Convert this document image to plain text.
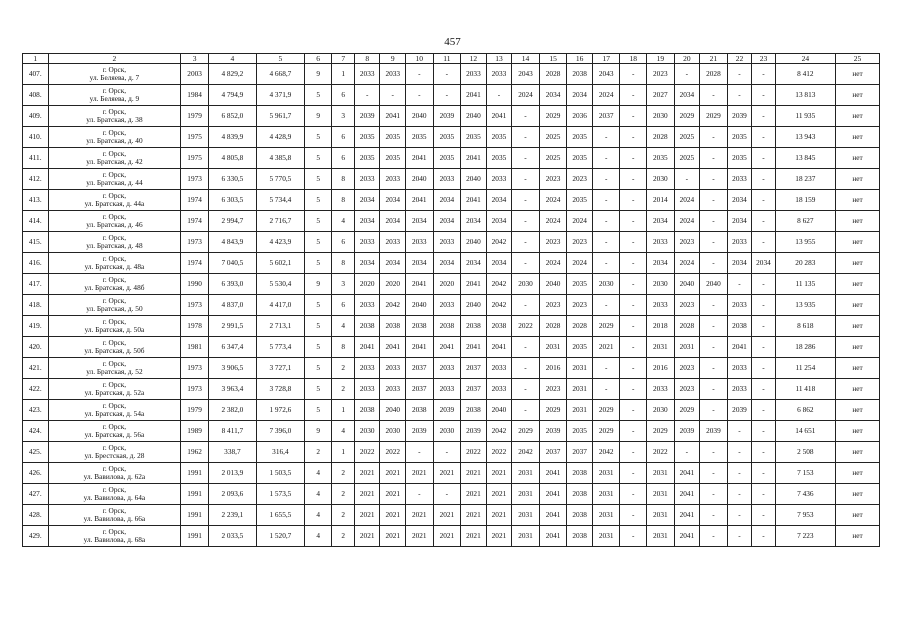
457
1	2	3	4	5	6	7	8	9	10	11	12	13	14	15	16	17	18	19	20	21	22	23	24	25
407.	г. Орск,
ул. Беляева, д. 7	2003	4 829,2	4 668,7	9	1	2033	2033	-	-	2033	2033	2043	2028	2038	2043	-	2023	-	2028	-	-	8 412	нет
408.	г. Орск,
ул. Беляева, д. 9	1984	4 794,9	4 371,9	5	6	-	-	-	-	2041	-	2024	2034	2034	2024	-	2027	2034	-	-	-	13 813	нет
409.	г. Орск,
ул. Братская, д. 38	1979	6 852,0	5 961,7	9	3	2039	2041	2040	2039	2040	2041	-	2029	2036	2037	-	2030	2029	2029	2039	-	11 935	нет
410.	г. Орск,
ул. Братская, д. 40	1975	4 839,9	4 428,9	5	6	2035	2035	2035	2035	2035	2035	-	2025	2035	-	-	2028	2025	-	2035	-	13 943	нет
411.	г. Орск,
ул. Братская, д. 42	1975	4 805,8	4 385,8	5	6	2035	2035	2041	2035	2041	2035	-	2025	2035	-	-	2035	2025	-	2035	-	13 845	нет
412.	г. Орск,
ул. Братская, д. 44	1973	6 330,5	5 770,5	5	8	2033	2033	2040	2033	2040	2033	-	2023	2023	-	-	2030	-	-	2033	-	18 237	нет
413.	г. Орск,
ул. Братская, д. 44а	1974	6 303,5	5 734,4	5	8	2034	2034	2041	2034	2041	2034	-	2024	2035	-	-	2014	2024	-	2034	-	18 159	нет
414.	г. Орск,
ул. Братская, д. 46	1974	2 994,7	2 716,7	5	4	2034	2034	2034	2034	2034	2034	-	2024	2024	-	-	2034	2024	-	2034	-	8 627	нет
415.	г. Орск,
ул. Братская, д. 48	1973	4 843,9	4 423,9	5	6	2033	2033	2033	2033	2040	2042	-	2023	2023	-	-	2033	2023	-	2033	-	13 955	нет
416.	г. Орск,
ул. Братская, д. 48а	1974	7 040,5	5 602,1	5	8	2034	2034	2034	2034	2034	2034	-	2024	2024	-	-	2034	2024	-	2034	2034	20 283	нет
417.	г. Орск,
ул. Братская, д. 48б	1990	6 393,0	5 530,4	9	3	2020	2020	2041	2020	2041	2042	2030	2040	2035	2030	-	2030	2040	2040	-	-	11 135	нет
418.	г. Орск,
ул. Братская, д. 50	1973	4 837,0	4 417,0	5	6	2033	2042	2040	2033	2040	2042	-	2023	2023	-	-	2033	2023	-	2033	-	13 935	нет
419.	г. Орск,
ул. Братская, д. 50а	1978	2 991,5	2 713,1	5	4	2038	2038	2038	2038	2038	2038	2022	2028	2028	2029	-	2018	2028	-	2038	-	8 618	нет
420.	г. Орск,
ул. Братская, д. 50б	1981	6 347,4	5 773,4	5	8	2041	2041	2041	2041	2041	2041	-	2031	2035	2021	-	2031	2031	-	2041	-	18 286	нет
421.	г. Орск,
ул. Братская, д. 52	1973	3 906,5	3 727,1	5	2	2033	2033	2037	2033	2037	2033	-	2016	2031	-	-	2016	2023	-	2033	-	11 254	нет
422.	г. Орск,
ул. Братская, д. 52а	1973	3 963,4	3 728,8	5	2	2033	2033	2037	2033	2037	2033	-	2023	2031	-	-	2033	2023	-	2033	-	11 418	нет
423.	г. Орск,
ул. Братская, д. 54а	1979	2 382,0	1 972,6	5	1	2038	2040	2038	2039	2038	2040	-	2029	2031	2029	-	2030	2029	-	2039	-	6 862	нет
424.	г. Орск,
ул. Братская, д. 56а	1989	8 411,7	7 396,0	9	4	2030	2030	2039	2030	2039	2042	2029	2039	2035	2029	-	2029	2039	2039	-	-	14 651	нет
425.	г. Орск,
ул. Брестская, д. 28	1962	338,7	316,4	2	1	2022	2022	-	-	2022	2022	2042	2037	2037	2042	-	2022	-	-	-	-	2 508	нет
426.	г. Орск,
ул. Вавилова, д. 62а	1991	2 013,9	1 503,5	4	2	2021	2021	2021	2021	2021	2021	2031	2041	2038	2031	-	2031	2041	-	-	-	7 153	нет
427.	г. Орск,
ул. Вавилова, д. 64а	1991	2 093,6	1 573,5	4	2	2021	2021	-	-	2021	2021	2031	2041	2038	2031	-	2031	2041	-	-	-	7 436	нет
428.	г. Орск,
ул. Вавилова, д. 66а	1991	2 239,1	1 655,5	4	2	2021	2021	2021	2021	2021	2021	2031	2041	2038	2031	-	2031	2041	-	-	-	7 953	нет
429.	г. Орск,
ул. Вавилова, д. 68а	1991	2 033,5	1 520,7	4	2	2021	2021	2021	2021	2021	2021	2031	2041	2038	2031	-	2031	2041	-	-	-	7 223	нет
